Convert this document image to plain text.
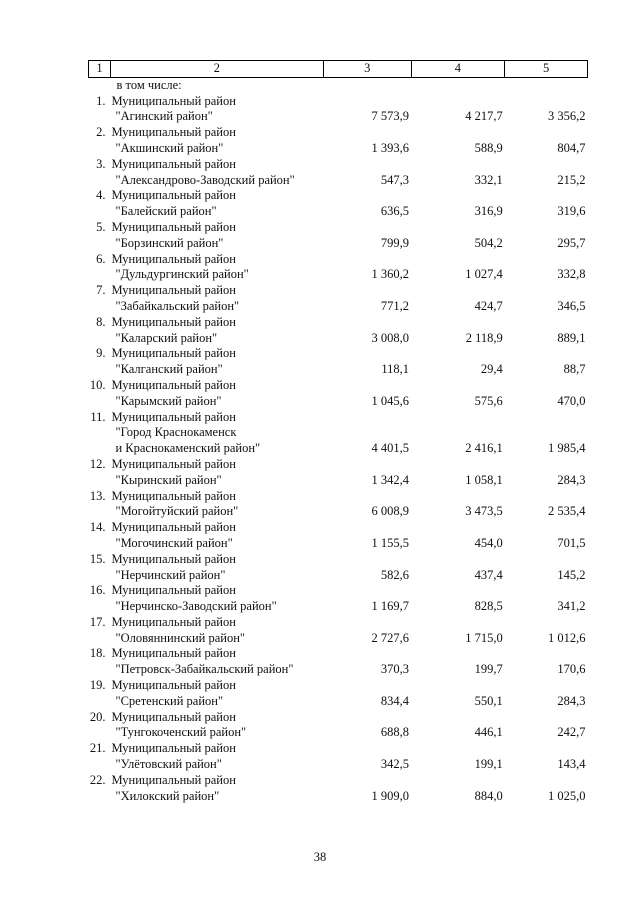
1	2	3	4	5
в том числе:				
1.	Муниципальный район
"Агинский район"	7 573,9	4 217,7	3 356,2
2.	Муниципальный район
"Акшинский район"	1 393,6	588,9	804,7
3.	Муниципальный район
"Александрово-Заводский район"	547,3	332,1	215,2
4.	Муниципальный район
"Балейский район"	636,5	316,9	319,6
5.	Муниципальный район
"Борзинский район"	799,9	504,2	295,7
6.	Муниципальный район
"Дульдургинский район"	1 360,2	1 027,4	332,8
7.	Муниципальный район
"Забайкальский район"	771,2	424,7	346,5
8.	Муниципальный район
"Каларский район"	3 008,0	2 118,9	889,1
9.	Муниципальный район
"Калганский район"	118,1	29,4	88,7
10.	Муниципальный район
"Карымский район"	1 045,6	575,6	470,0
11.	Муниципальный район
"Город Краснокаменск
и Краснокаменский район"	4 401,5	2 416,1	1 985,4
12.	Муниципальный район
"Кыринский район"	1 342,4	1 058,1	284,3
13.	Муниципальный район
"Могойтуйский район"	6 008,9	3 473,5	2 535,4
14.	Муниципальный район
"Могочинский район"	1 155,5	454,0	701,5
15.	Муниципальный район
"Нерчинский район"	582,6	437,4	145,2
16.	Муниципальный район
"Нерчинско-Заводский район"	1 169,7	828,5	341,2
17.	Муниципальный район
"Оловяннинский район"	2 727,6	1 715,0	1 012,6
18.	Муниципальный район
"Петровск-Забайкальский район"	370,3	199,7	170,6
19.	Муниципальный район
"Сретенский район"	834,4	550,1	284,3
20.	Муниципальный район
"Тунгокоченский район"	688,8	446,1	242,7
21.	Муниципальный район
"Улётовский район"	342,5	199,1	143,4
22.	Муниципальный район
"Хилокский район"	1 909,0	884,0	1 025,0
38
